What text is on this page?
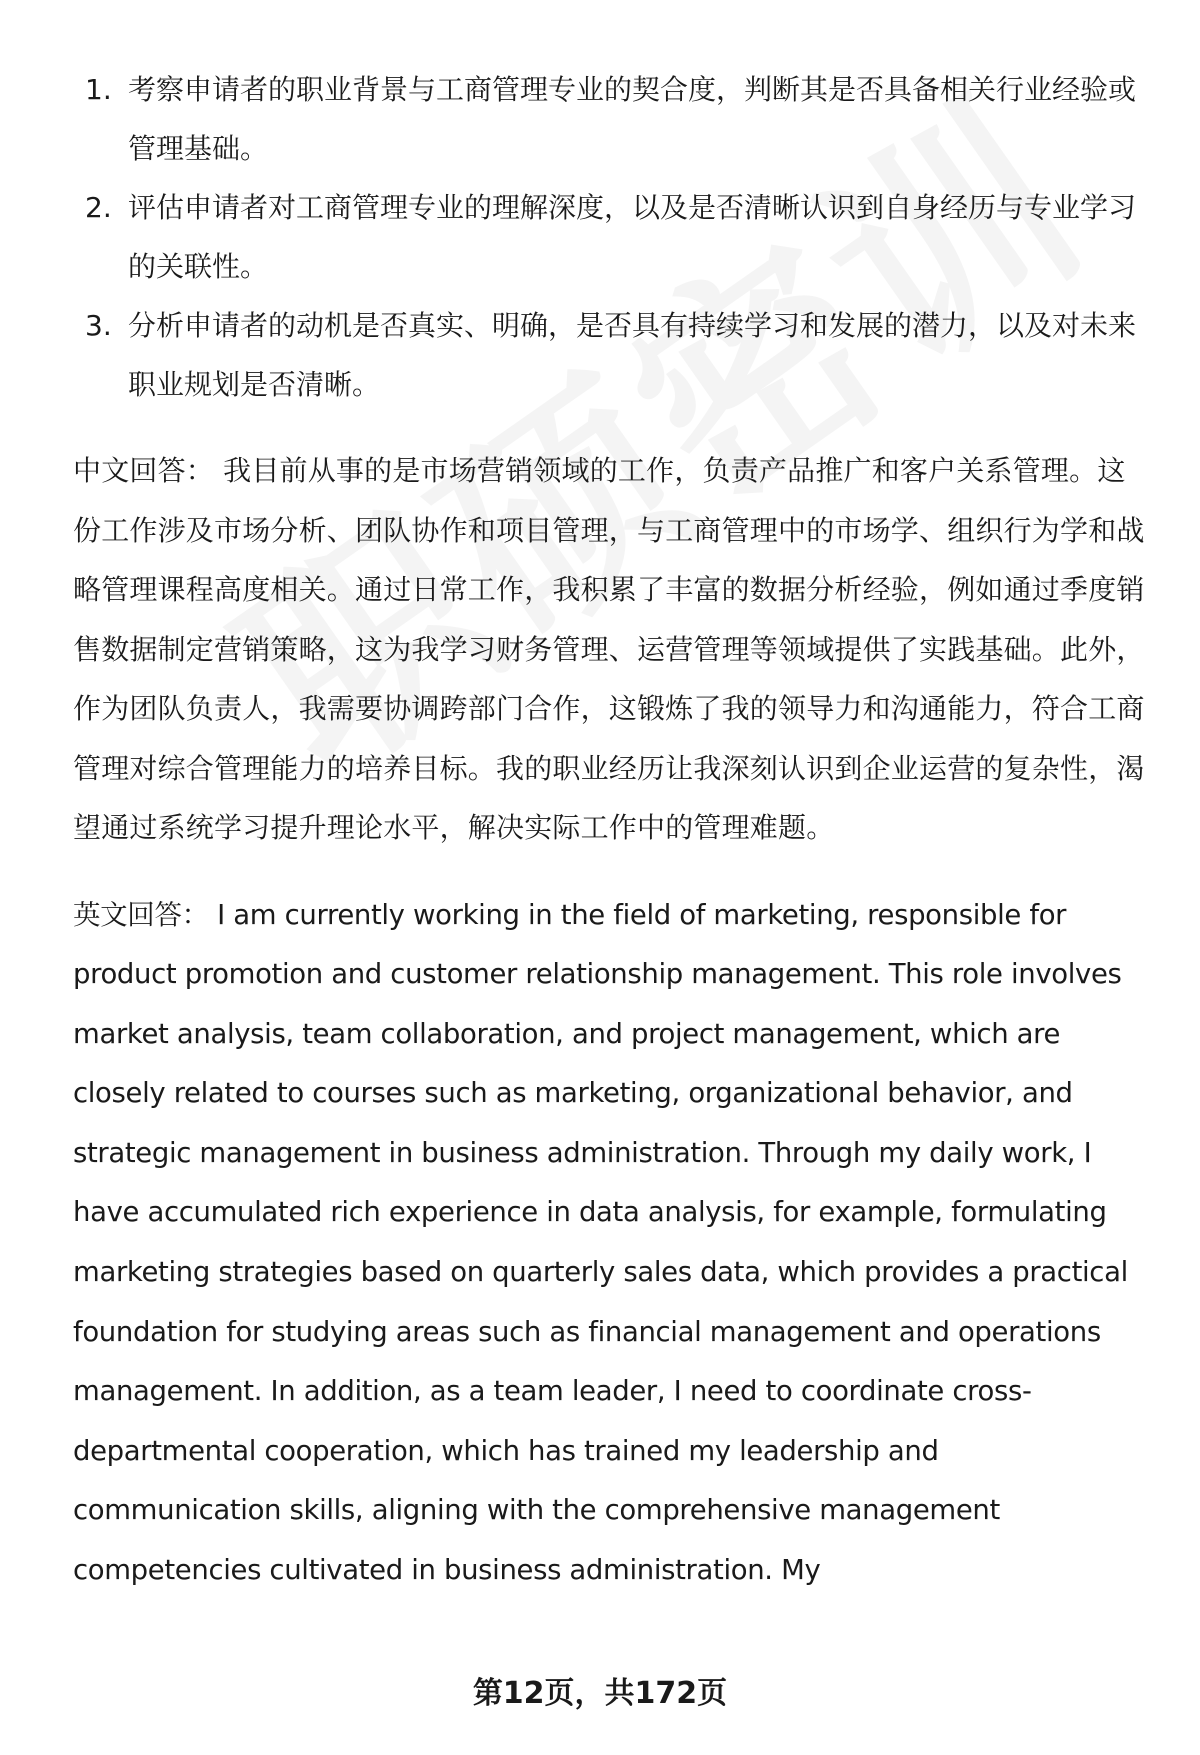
1. 考察申请者的职业背景与工商管理专业的契合度，判断其是否具备相关行业经验或管理基础。
2. 评估申请者对工商管理专业的理解深度，以及是否清晰认识到自身经历与专业学习的关联性。
3. 分析申请者的动机是否真实、明确，是否具有持续学习和发展的潜力，以及对未来职业规划是否清晰。

中文回答： 我目前从事的是市场营销领域的工作，负责产品推广和客户关系管理。这份工作涉及市场分析、团队协作和项目管理，与工商管理中的市场学、组织行为学和战略管理课程高度相关。通过日常工作，我积累了丰富的数据分析经验，例如通过季度销售数据制定营销策略，这为我学习财务管理、运营管理等领域提供了实践基础。此外，作为团队负责人，我需要协调跨部门合作，这锻炼了我的领导力和沟通能力，符合工商管理对综合管理能力的培养目标。我的职业经历让我深刻认识到企业运营的复杂性，渴望通过系统学习提升理论水平，解决实际工作中的管理难题。

英文回答： I am currently working in the field of marketing, responsible for product promotion and customer relationship management. This role involves market analysis, team collaboration, and project management, which are closely related to courses such as marketing, organizational behavior, and strategic management in business administration. Through my daily work, I have accumulated rich experience in data analysis, for example, formulating marketing strategies based on quarterly sales data, which provides a practical foundation for studying areas such as financial management and operations management. In addition, as a team leader, I need to coordinate cross-departmental cooperation, which has trained my leadership and communication skills, aligning with the comprehensive management competencies cultivated in business administration. My

第12页，共172页
